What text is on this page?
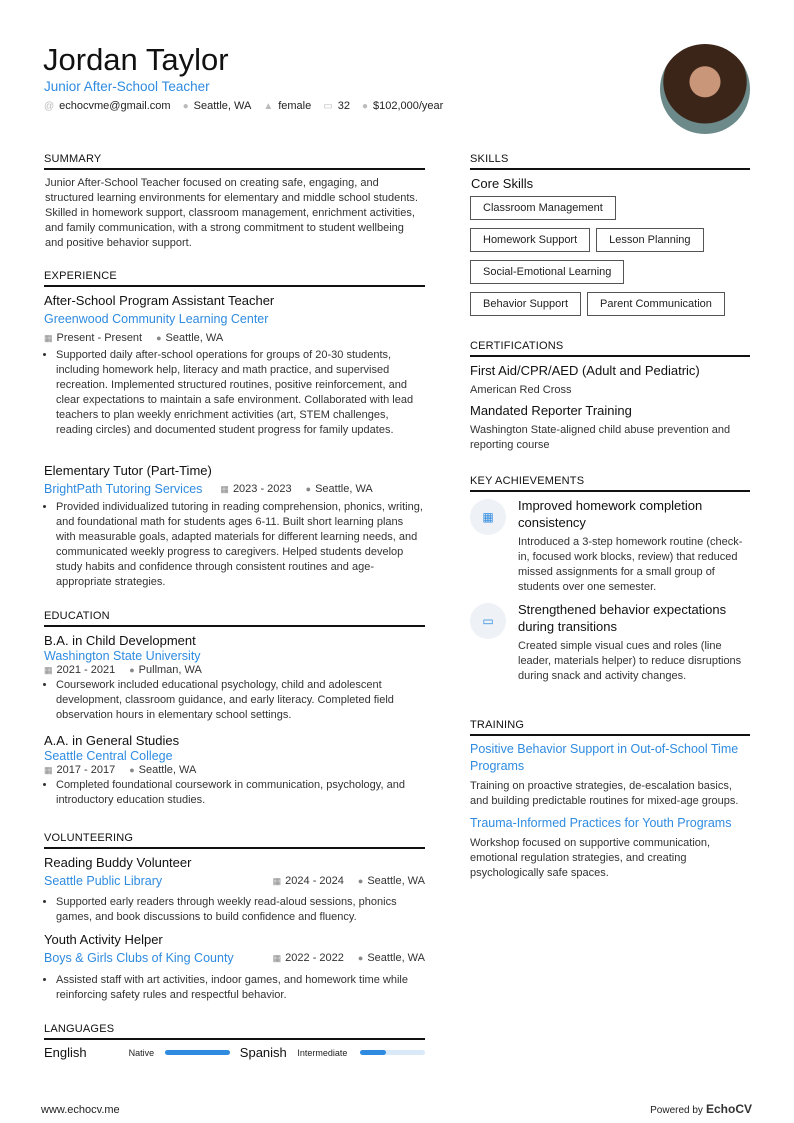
Jordan Taylor
Junior After-School Teacher
@ echocvme@gmail.com ● Seattle, WA ▲ female ▭ 32 ● $102,000/year
SUMMARY
Junior After-School Teacher focused on creating safe, engaging, and structured learning environments for elementary and middle school students. Skilled in homework support, classroom management, enrichment activities, and family communication, with a strong commitment to student wellbeing and positive behavior support.
EXPERIENCE
After-School Program Assistant Teacher
Greenwood Community Learning Center
▦ Present - Present ● Seattle, WA
• Supported daily after-school operations for groups of 20-30 students, including homework help, literacy and math practice, and supervised recreation. Implemented structured routines, positive reinforcement, and clear expectations to maintain a safe environment. Collaborated with lead teachers to plan weekly enrichment activities (art, STEM challenges, reading circles) and documented student progress for family updates.
Elementary Tutor (Part-Time)
BrightPath Tutoring Services ▦ 2023 - 2023 ● Seattle, WA
• Provided individualized tutoring in reading comprehension, phonics, writing, and foundational math for students ages 6-11. Built short learning plans with measurable goals, adapted materials for different learning needs, and communicated weekly progress to caregivers. Helped students develop study habits and confidence through consistent routines and age-appropriate strategies.
EDUCATION
B.A. in Child Development
Washington State University
▦ 2021 - 2021 ● Pullman, WA
• Coursework included educational psychology, child and adolescent development, classroom guidance, and early literacy. Completed field observation hours in elementary school settings.
A.A. in General Studies
Seattle Central College
▦ 2017 - 2017 ● Seattle, WA
• Completed foundational coursework in communication, psychology, and introductory education studies.
VOLUNTEERING
Reading Buddy Volunteer
Seattle Public Library	▦ 2024 - 2024 ● Seattle, WA
• Supported early readers through weekly read-aloud sessions, phonics games, and book discussions to build confidence and fluency.
Youth Activity Helper
Boys & Girls Clubs of King County	▦ 2022 - 2022 ● Seattle, WA
• Assisted staff with art activities, indoor games, and homework time while reinforcing safety rules and respectful behavior.
LANGUAGES
English	Native	Spanish Intermediate
SKILLS
Core Skills
Classroom Management
Homework Support	Lesson Planning
Social-Emotional Learning
Behavior Support	Parent Communication
CERTIFICATIONS
First Aid/CPR/AED (Adult and Pediatric)
American Red Cross
Mandated Reporter Training
Washington State-aligned child abuse prevention and reporting course
KEY ACHIEVEMENTS
▦
Improved homework completion consistency
Introduced a 3-step homework routine (check-in, focused work blocks, review) that reduced missed assignments for a small group of students over one semester.
▭
Strengthened behavior expectations during transitions
Created simple visual cues and roles (line leader, materials helper) to reduce disruptions during snack and activity changes.
TRAINING
Positive Behavior Support in Out-of-School Time Programs
Training on proactive strategies, de-escalation basics, and building predictable routines for mixed-age groups.
Trauma-Informed Practices for Youth Programs
Workshop focused on supportive communication, emotional regulation strategies, and creating psychologically safe spaces.
www.echocv.me	Powered by EchoCV
